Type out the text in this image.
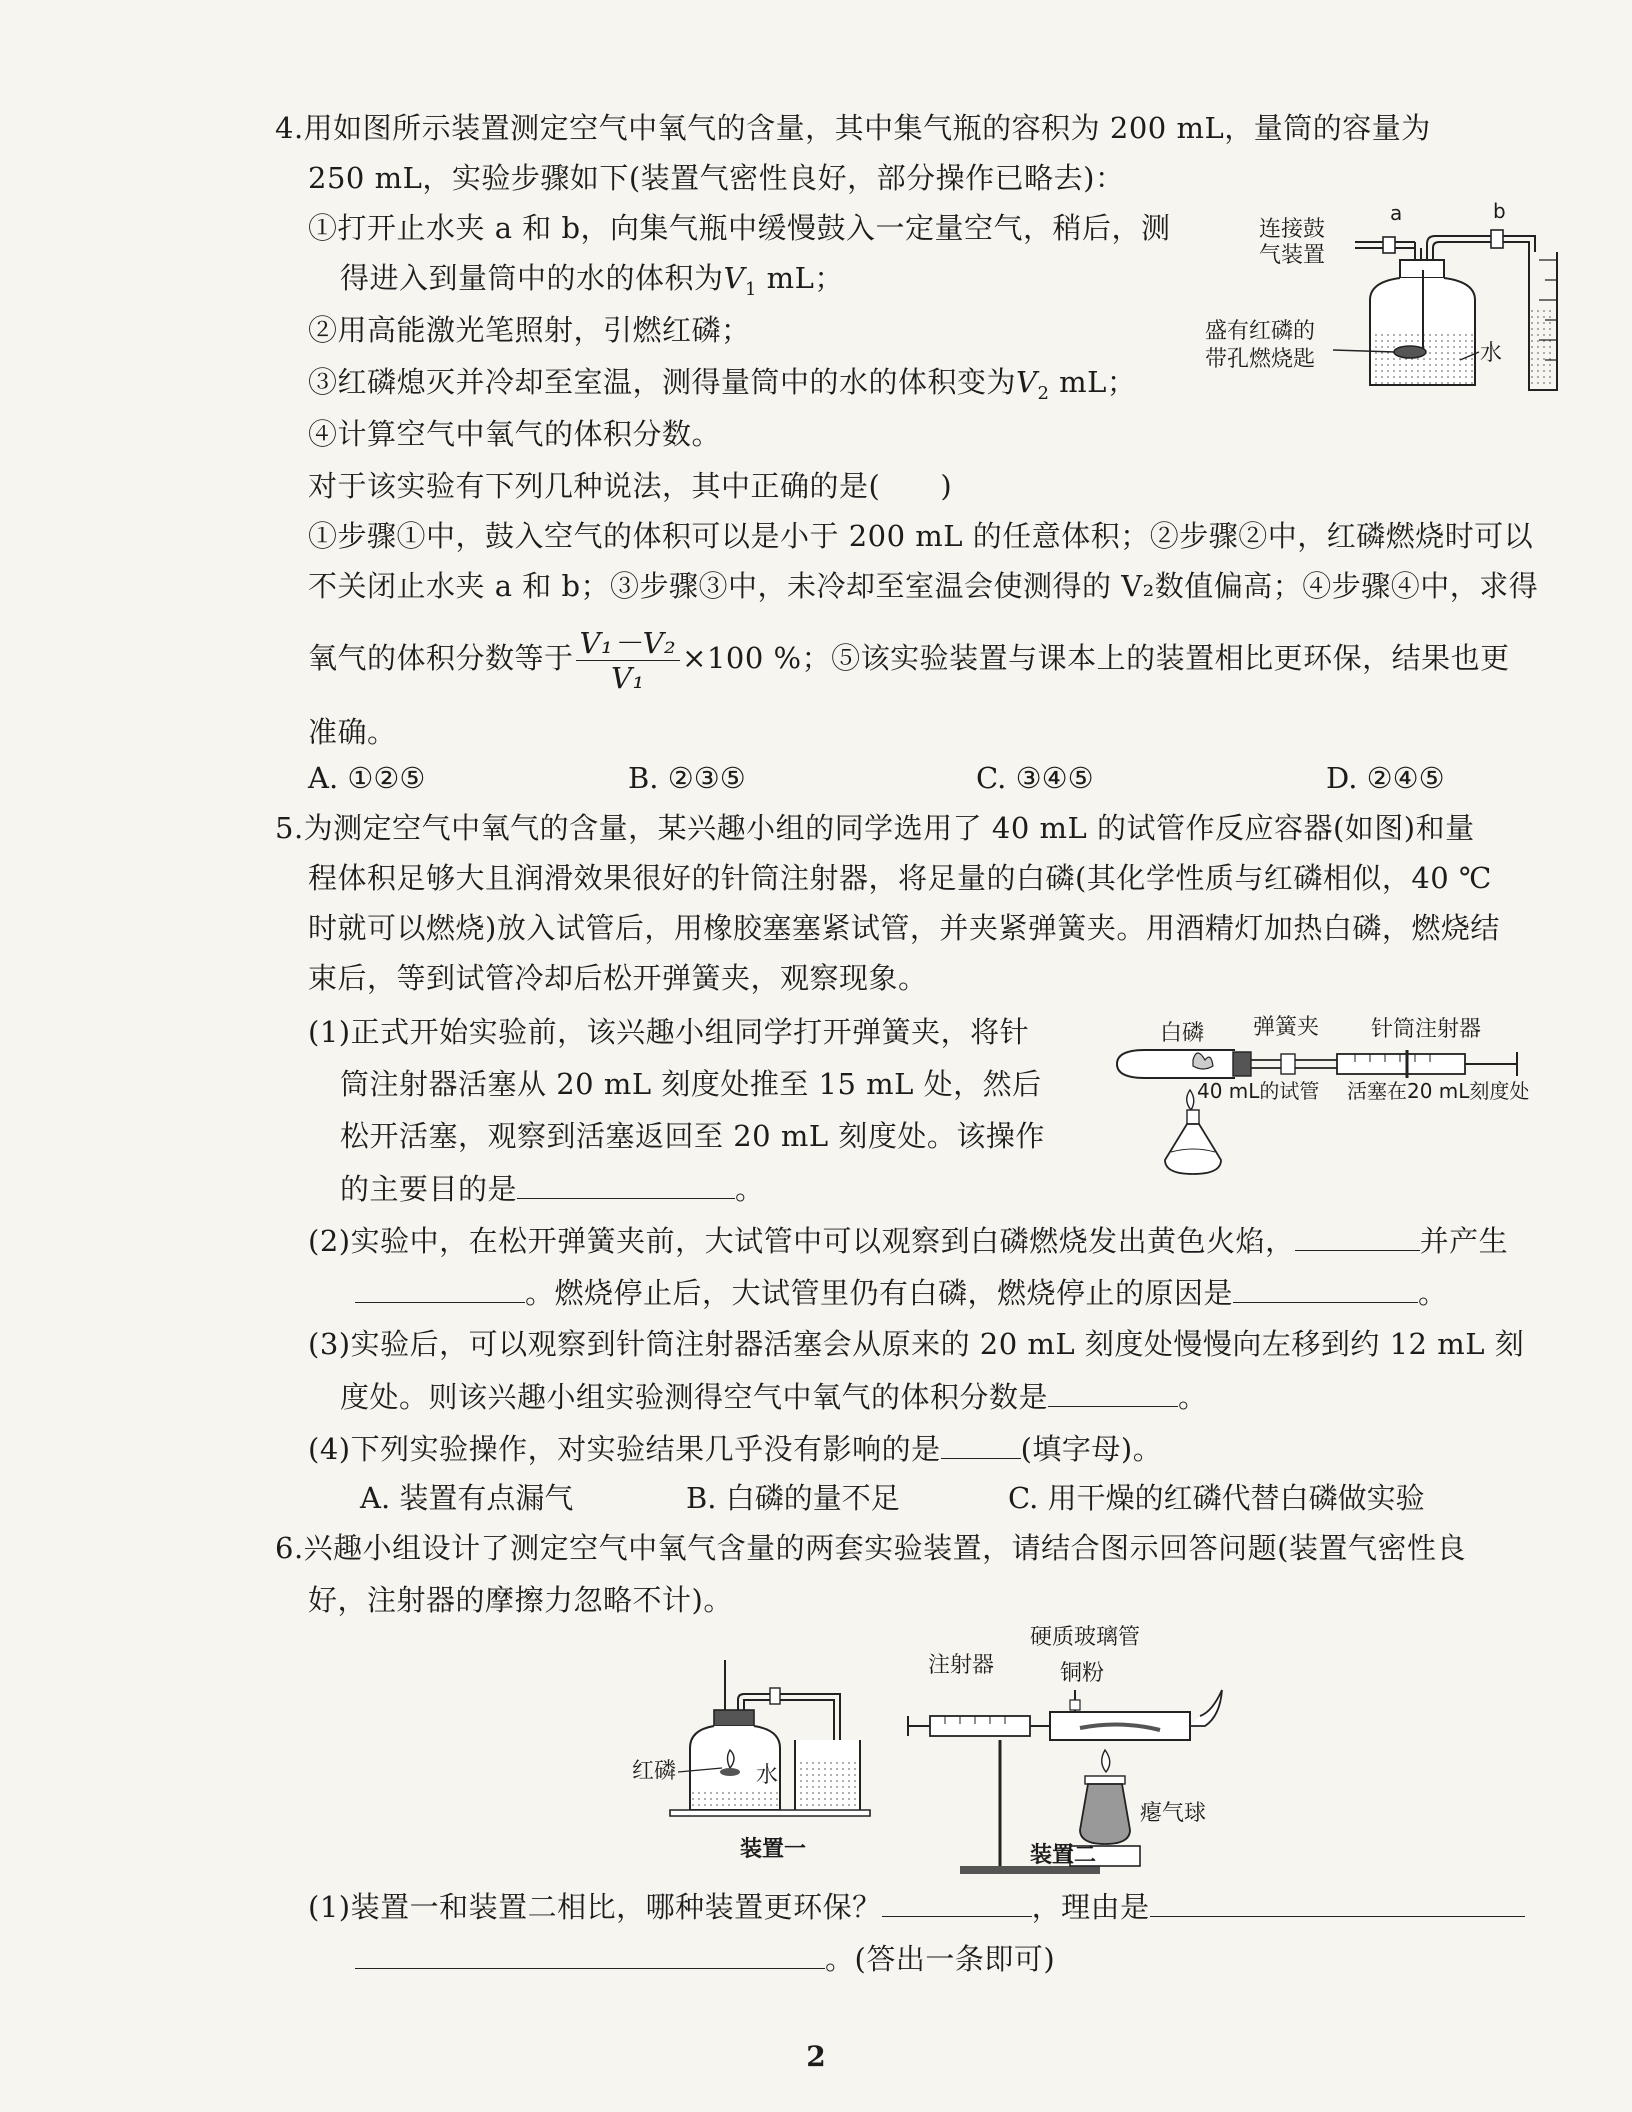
4.用如图所示装置测定空气中氧气的含量，其中集气瓶的容积为 200 mL，量筒的容量为
250 mL，实验步骤如下(装置气密性良好，部分操作已略去)：
①打开止水夹 a 和 b，向集气瓶中缓慢鼓入一定量空气，稍后，测
得进入到量筒中的水的体积为$V_1$ mL；
②用高能激光笔照射，引燃红磷；
③红磷熄灭并冷却至室温，测得量筒中的水的体积变为$V_2$ mL；
④计算空气中氧气的体积分数。
对于该实验有下列几种说法，其中正确的是( )
①步骤①中，鼓入空气的体积可以是小于 200 mL 的任意体积；②步骤②中，红磷燃烧时可以
不关闭止水夹 a 和 b；③步骤③中，未冷却至室温会使测得的 V₂数值偏高；④步骤④中，求得
氧气的体积分数等于 $\frac{\text{V₁－V₂}}{\text{V₁}} \times 100$ %；⑤该实验装置与课本上的装置相比更环保，结果也更
准确。
A. ①②⑤	B. ②③⑤	C. ③④⑤	D. ②④⑤
连接鼓
气装置
a	b
盛有红磷的
带孔燃烧匙	水
5.为测定空气中氧气的含量，某兴趣小组的同学选用了 40 mL 的试管作反应容器(如图)和量
程体积足够大且润滑效果很好的针筒注射器，将足量的白磷(其化学性质与红磷相似，40 ℃
时就可以燃烧)放入试管后，用橡胶塞塞紧试管，并夹紧弹簧夹。用酒精灯加热白磷，燃烧结
束后，等到试管冷却后松开弹簧夹，观察现象。
(1)正式开始实验前，该兴趣小组同学打开弹簧夹，将针
筒注射器活塞从 20 mL 刻度处推至 15 mL 处，然后
松开活塞，观察到活塞返回至 20 mL 刻度处。该操作
的主要目的是	。
(2)实验中，在松开弹簧夹前，大试管中可以观察到白磷燃烧发出黄色火焰，	并产生
。燃烧停止后，大试管里仍有白磷，燃烧停止的原因是	。
(3)实验后，可以观察到针筒注射器活塞会从原来的 20 mL 刻度处慢慢向左移到约 12 mL 刻
度处。则该兴趣小组实验测得空气中氧气的体积分数是	。
(4)下列实验操作，对实验结果几乎没有影响的是	(填字母)。
A. 装置有点漏气	B. 白磷的量不足	C. 用干燥的红磷代替白磷做实验
白磷 弹簧夹 针筒注射器
40 mL的试管 活塞在20 mL刻度处
6.兴趣小组设计了测定空气中氧气含量的两套实验装置，请结合图示回答问题(装置气密性良
好，注射器的摩擦力忽略不计)。
红磷	水
装置一
硬质玻璃管
注射器	铜粉
瘪气球
装置二
(1)装置一和装置二相比，哪种装置更环保？	，理由是
。(答出一条即可)
2
